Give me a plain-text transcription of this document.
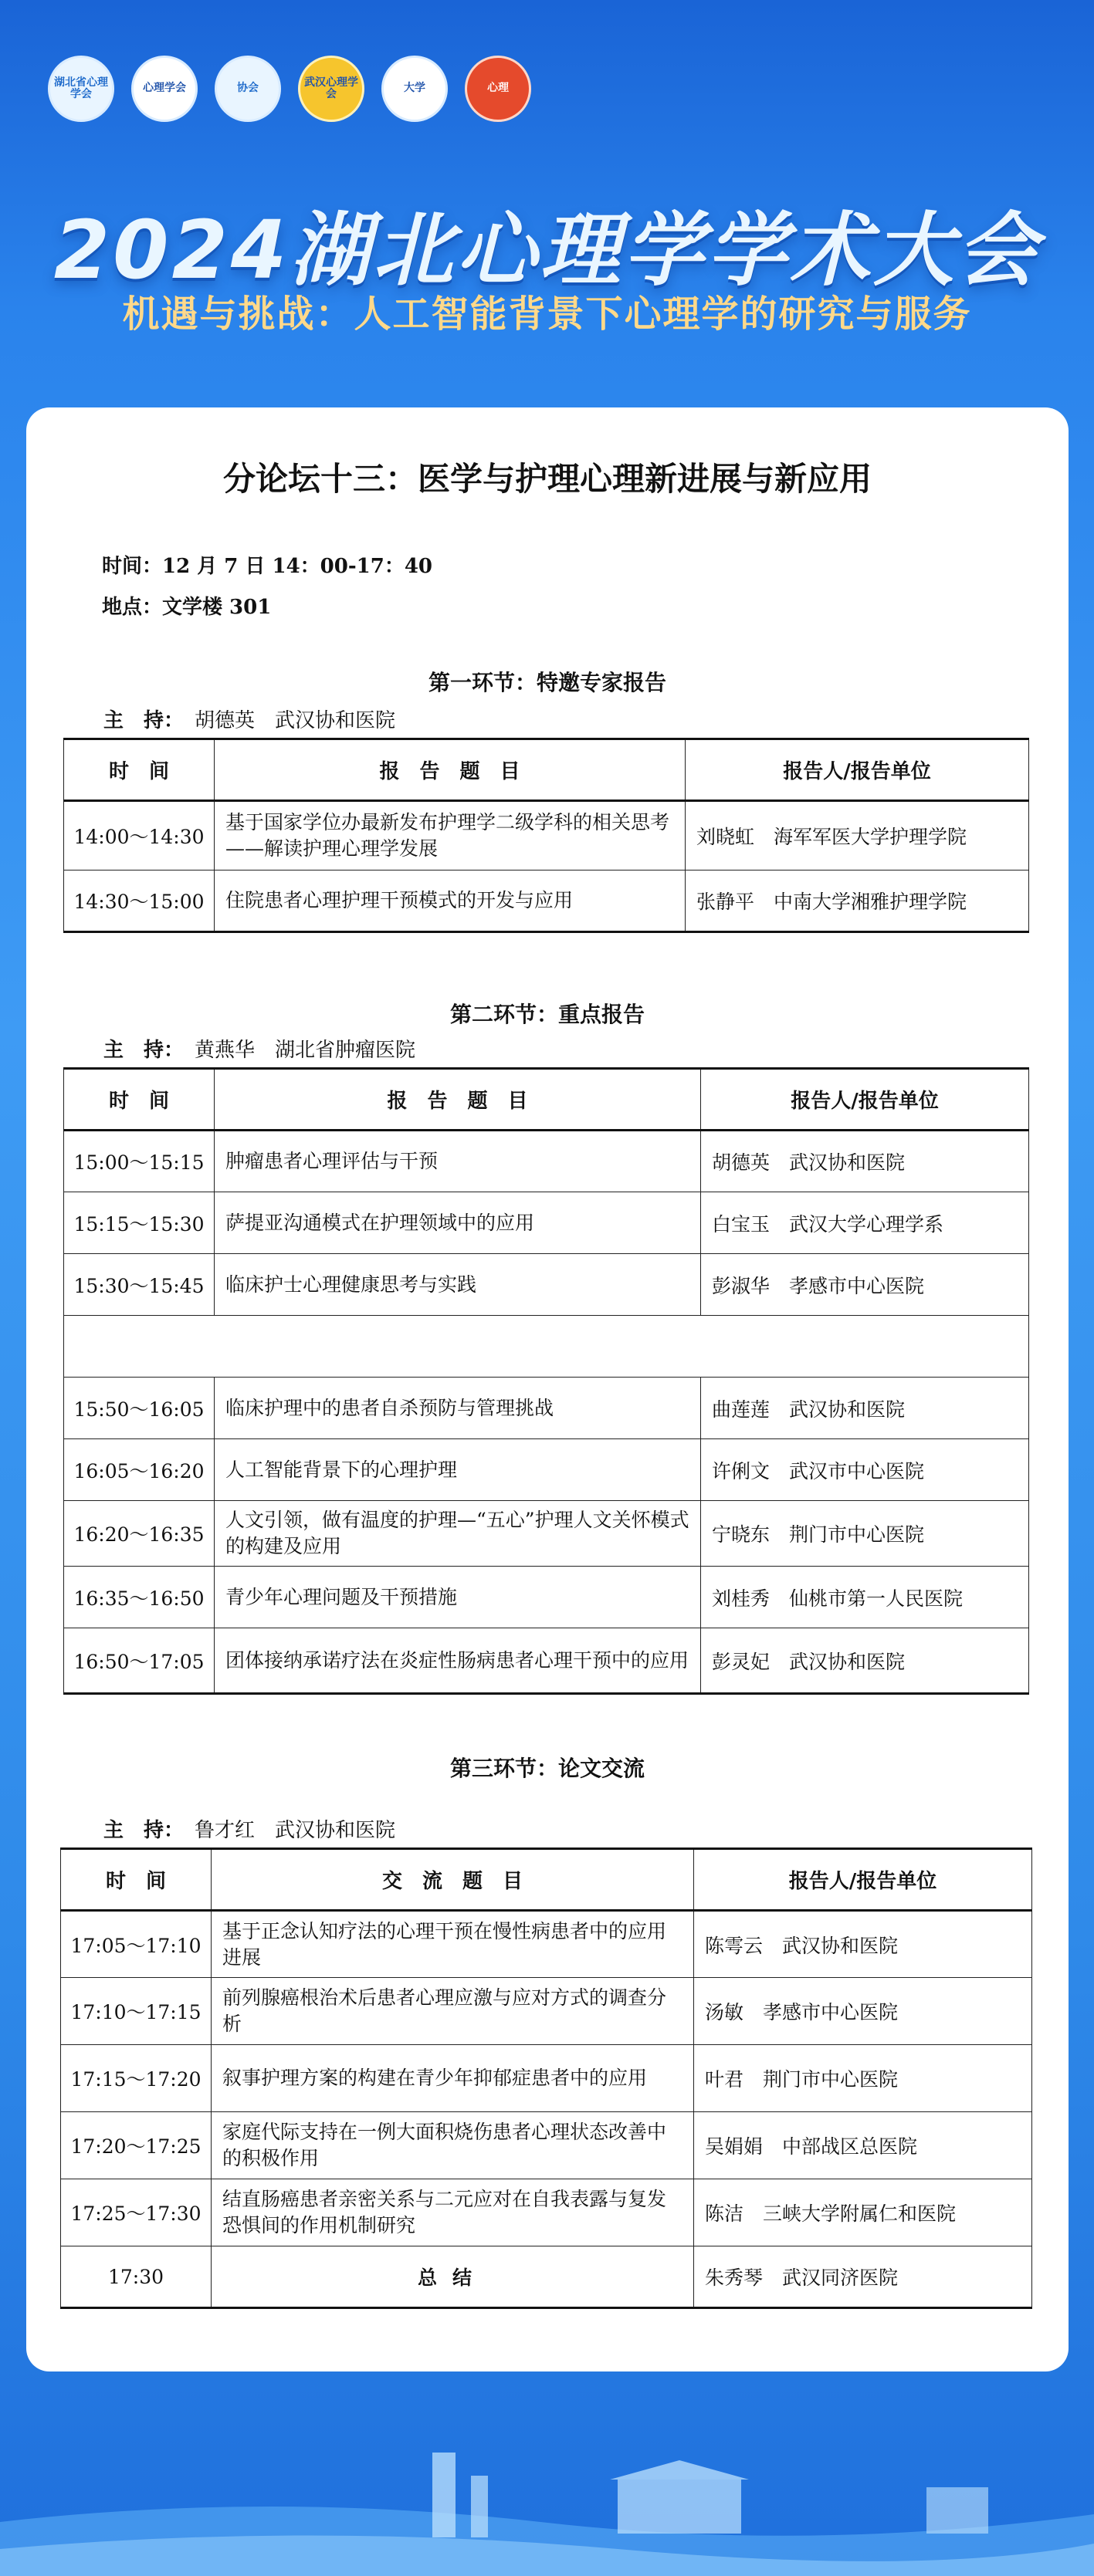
湖北省心理学会	心理学会	协会	武汉心理学会	大学	心理
2024湖北心理学学术大会
机遇与挑战：人工智能背景下心理学的研究与服务
分论坛十三：医学与护理心理新进展与新应用
时间：12 月 7 日 14：00-17：40
地点：文学楼 301
第一环节：特邀专家报告
主　持： 胡德英　武汉协和医院
时　间	报　告　题　目	报告人/报告单位
14:00～14:30	基于国家学位办最新发布护理学二级学科的相关思考——解读护理心理学发展	刘晓虹　海军军医大学护理学院
14:30～15:00	住院患者心理护理干预模式的开发与应用	张静平　中南大学湘雅护理学院
第二环节：重点报告
主　持： 黄燕华　湖北省肿瘤医院
时　间	报　告　题　目	报告人/报告单位
15:00～15:15	肿瘤患者心理评估与干预	胡德英　武汉协和医院
15:15～15:30	萨提亚沟通模式在护理领域中的应用	白宝玉　武汉大学心理学系
15:30～15:45	临床护士心理健康思考与实践	彭淑华　孝感市中心医院

15:50～16:05	临床护理中的患者自杀预防与管理挑战	曲莲莲　武汉协和医院
16:05～16:20	人工智能背景下的心理护理	许俐文　武汉市中心医院
16:20～16:35	人文引领，做有温度的护理—“五心”护理人文关怀模式的构建及应用	宁晓东　荆门市中心医院
16:35～16:50	青少年心理问题及干预措施	刘桂秀　仙桃市第一人民医院
16:50～17:05	团体接纳承诺疗法在炎症性肠病患者心理干预中的应用	彭灵妃　武汉协和医院
第三环节：论文交流
主　持： 鲁才红　武汉协和医院
时　间	交　流　题　目	报告人/报告单位
17:05～17:10	基于正念认知疗法的心理干预在慢性病患者中的应用进展	陈雩云　武汉协和医院
17:10～17:15	前列腺癌根治术后患者心理应激与应对方式的调查分析	汤敏　孝感市中心医院
17:15～17:20	叙事护理方案的构建在青少年抑郁症患者中的应用	叶君　荆门市中心医院
17:20～17:25	家庭代际支持在一例大面积烧伤患者心理状态改善中的积极作用	吴娟娟　中部战区总医院
17:25～17:30	结直肠癌患者亲密关系与二元应对在自我表露与复发恐惧间的作用机制研究	陈洁　三峡大学附属仁和医院
17:30	总结	朱秀琴　武汉同济医院
